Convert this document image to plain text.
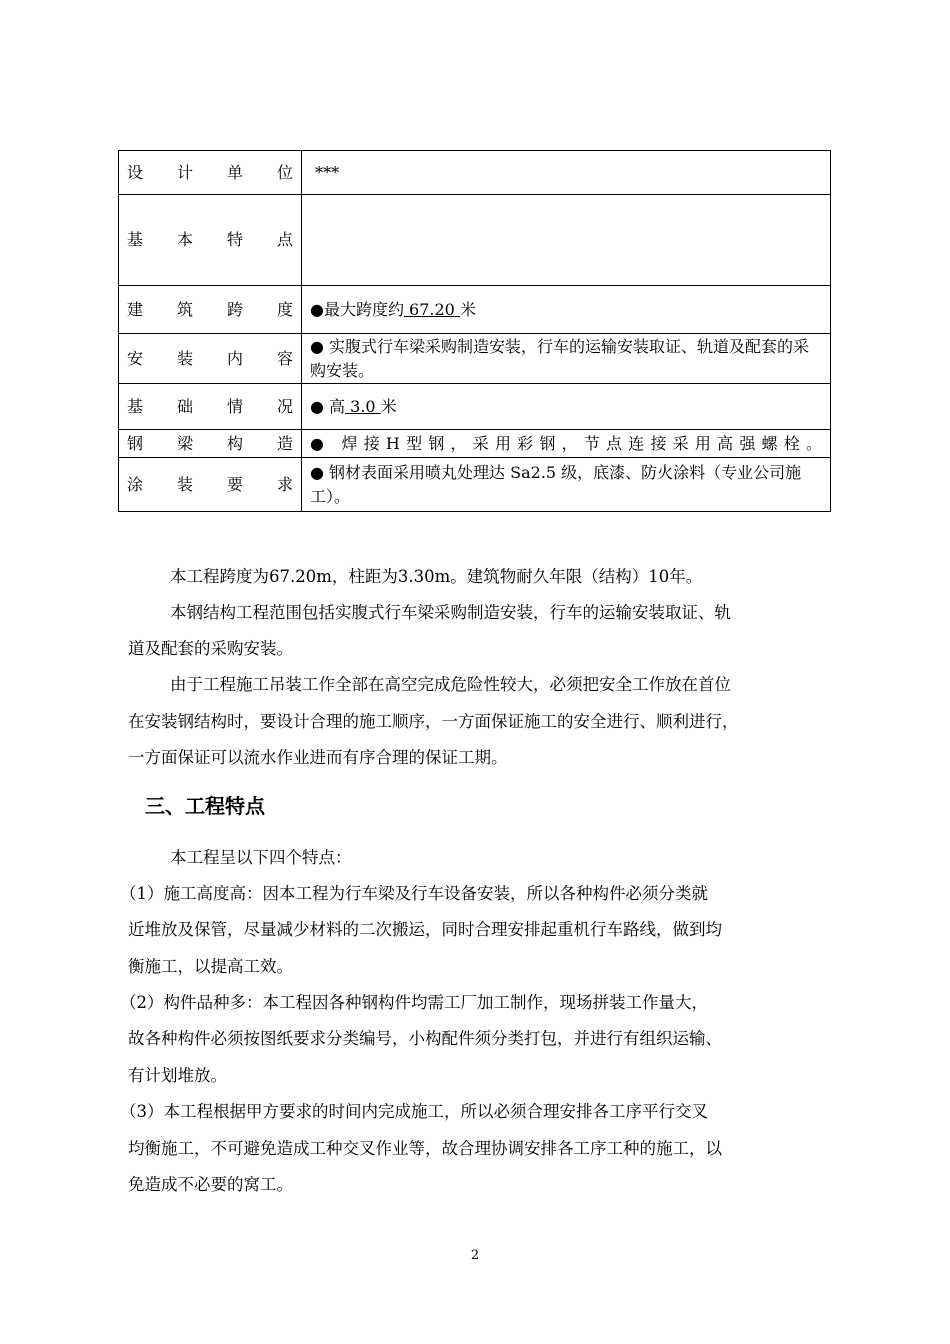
设 计 单 位	***

基 本 特 点	

建 筑 跨 度	●最大跨度约 67.20 米

安 装 内 容	● 实腹式行车梁采购制造安装，行车的运输安装取证、轨道及配套的采购安装。

基 础 情 况	● 高 3.0 米

钢 梁 构 造	● 焊接H型钢，采用彩钢，节点连接采用高强螺栓。

涂 装 要 求	● 钢材表面采用喷丸处理达 Sa2.5 级，底漆、防火涂料（专业公司施工）。
本工程跨度为67.20m，柱距为3.30m。建筑物耐久年限（结构）10年。
本钢结构工程范围包括实腹式行车梁采购制造安装，行车的运输安装取证、轨
道及配套的采购安装。
由于工程施工吊装工作全部在高空完成危险性较大，必须把安全工作放在首位
在安装钢结构时，要设计合理的施工顺序，一方面保证施工的安全进行、顺利进行，
一方面保证可以流水作业进而有序合理的保证工期。
三、工程特点
本工程呈以下四个特点：
（1）施工高度高：因本工程为行车梁及行车设备安装，所以各种构件必须分类就
近堆放及保管，尽量减少材料的二次搬运，同时合理安排起重机行车路线，做到均
衡施工，以提高工效。
（2）构件品种多：本工程因各种钢构件均需工厂加工制作，现场拼装工作量大，
故各种构件必须按图纸要求分类编号，小构配件须分类打包，并进行有组织运输、
有计划堆放。
（3）本工程根据甲方要求的时间内完成施工，所以必须合理安排各工序平行交叉
均衡施工，不可避免造成工种交叉作业等，故合理协调安排各工序工种的施工，以
免造成不必要的窝工。
2
